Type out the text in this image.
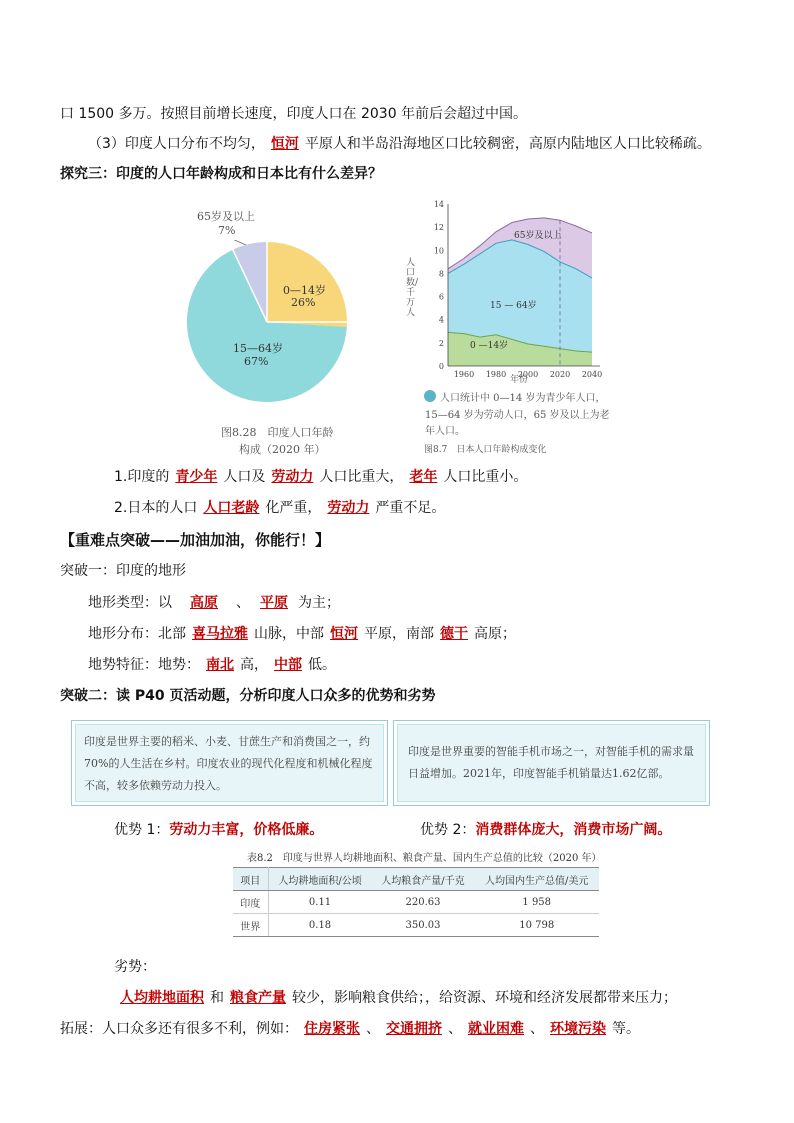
口 1500 多万。按照目前增长速度，印度人口在 2030 年前后会超过中国。
（3）印度人口分布不均匀， 恒河 平原人和半岛沿海地区口比较稠密，高原内陆地区人口比较稀疏。
探究三：印度的人口年龄构成和日本比有什么差异？
65岁及以上
7%
0—14岁
26%
15—64岁
67%
图8.28　印度人口年龄
构成（2020 年）
0
2
4
6
8
10
12
14
1960 1980 2000 2020 2040
65岁及以上
15 — 64岁
0 —14岁
人口数/千万人
年份
人口统计中 0—14 岁为青少年人口，
15—64 岁为劳动人口，65 岁及以上为老
年人口。
图8.7　日本人口年龄构成变化
1.印度的 青少年 人口及 劳动力 人口比重大， 老年 人口比重小。
2.日本的人口 人口老龄 化严重， 劳动力 严重不足。
【重难点突破——加油加油，你能行！】
突破一：印度的地形
地形类型：以 高原 、 平原 为主；
地形分布：北部 喜马拉雅 山脉，中部 恒河 平原，南部 德干 高原；
地势特征：地势： 南北 高， 中部 低。
突破二：读 P40 页活动题，分析印度人口众多的优势和劣势
印度是世界主要的稻米、小麦、甘蔗生产和消费国之一，约70%的人生活在乡村。印度农业的现代化程度和机械化程度不高，较多依赖劳动力投入。
印度是世界重要的智能手机市场之一，对智能手机的需求量日益增加。2021年，印度智能手机销量达1.62亿部。
优势 1：劳动力丰富，价格低廉。	优势 2：消费群体庞大，消费市场广阔。
表8.2　印度与世界人均耕地面积、粮食产量、国内生产总值的比较（2020 年）
项目	人均耕地面积/公顷	人均粮食产量/千克	人均国内生产总值/美元
印度	0.11	220.63	1 958
世界	0.18	350.03	10 798
劣势：
人均耕地面积 和 粮食产量 较少，影响粮食供给；，给资源、环境和经济发展都带来压力；
拓展：人口众多还有很多不利，例如： 住房紧张 、 交通拥挤 、 就业困难 、 环境污染 等。
